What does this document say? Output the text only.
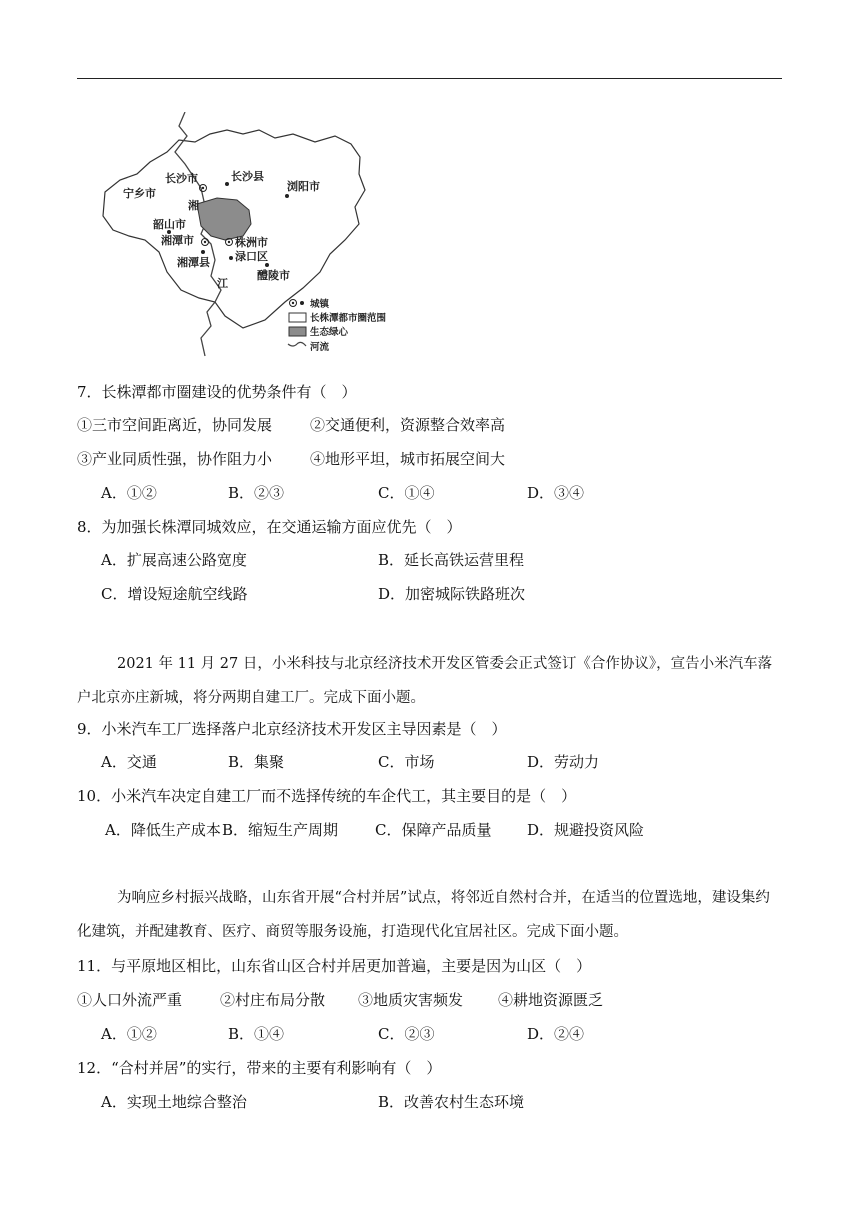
长沙市	长沙县
浏阳市
宁乡市
湘
韶山市
湘潭市	株洲市
湘潭县 渌口区
醴陵市
江
城镇
长株潭都市圈范围
生态绿心
河流
7．长株潭都市圈建设的优势条件有（　）
①三市空间距离近，协同发展	②交通便利，资源整合效率高
③产业同质性强，协作阻力小	④地形平坦，城市拓展空间大
A．①②	B．②③	C．①④	D．③④
8．为加强长株潭同城效应，在交通运输方面应优先（　）
A．扩展高速公路宽度	B．延长高铁运营里程
C．增设短途航空线路	D．加密城际铁路班次
2021 年 11 月 27 日，小米科技与北京经济技术开发区管委会正式签订《合作协议》，宣告小米汽车落户北京亦庄新城，将分两期自建工厂。完成下面小题。
9．小米汽车工厂选择落户北京经济技术开发区主导因素是（　）
A．交通	B．集聚	C．市场	D．劳动力
10．小米汽车决定自建工厂而不选择传统的车企代工，其主要目的是（　）
A．降低生产成本 B．缩短生产周期 C．保障产品质量 D．规避投资风险
为响应乡村振兴战略，山东省开展“合村并居”试点，将邻近自然村合并，在适当的位置选地，建设集约化建筑，并配建教育、医疗、商贸等服务设施，打造现代化宜居社区。完成下面小题。
11．与平原地区相比，山东省山区合村并居更加普遍，主要是因为山区（　）
①人口外流严重	②村庄布局分散 ③地质灾害频发 ④耕地资源匮乏
A．①②	B．①④	C．②③	D．②④
12．“合村并居”的实行，带来的主要有利影响有（　）
A．实现土地综合整治	B．改善农村生态环境
